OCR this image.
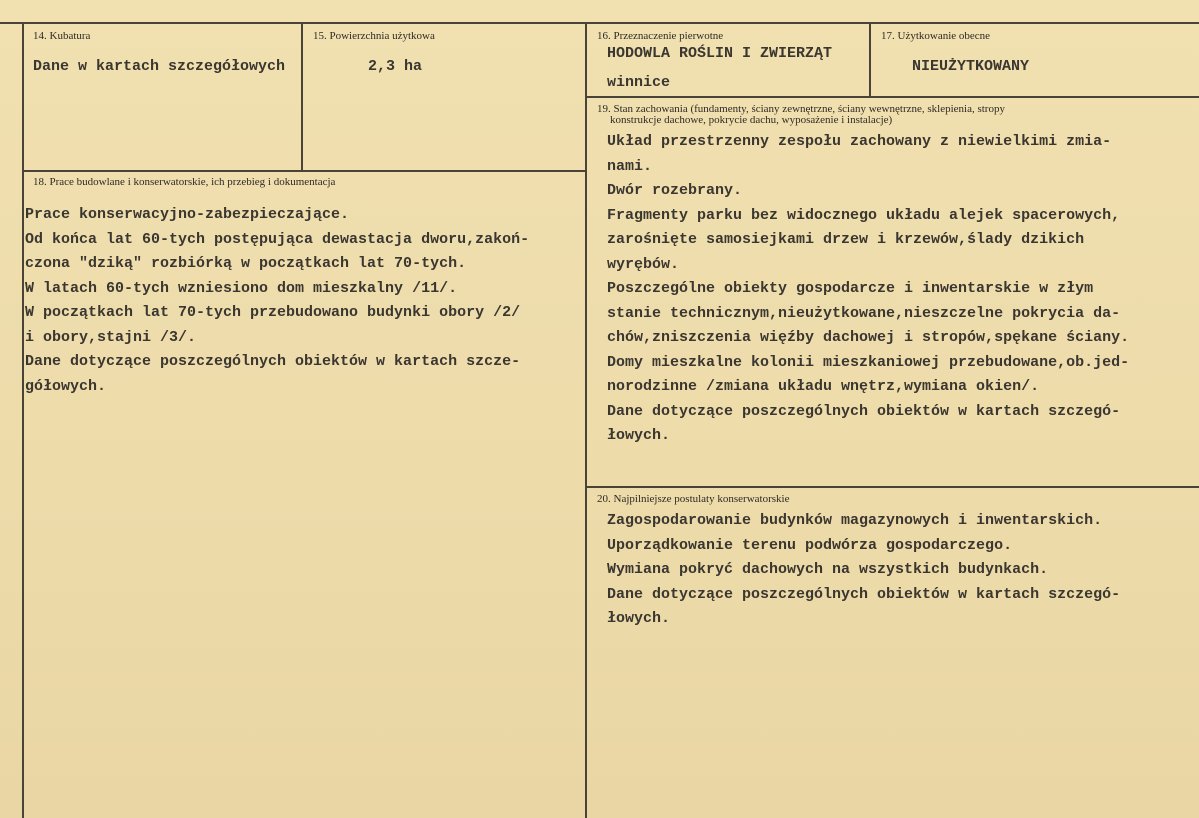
14. Kubatura
Dane w kartach szczegółowych
15. Powierzchnia użytkowa
2,3 ha
16. Przeznaczenie pierwotne
HODOWLA ROŚLIN I ZWIERZĄT
winnice
17. Użytkowanie obecne
NIEUŻYTKOWANY
18. Prace budowlane i konserwatorskie, ich przebieg i dokumentacja
Prace konserwacyjno-zabezpieczające.
Od końca lat 60-tych postępująca dewastacja dworu,zakoń-
czona "dziką" rozbiórką w początkach lat 70-tych.
W latach 60-tych wzniesiono dom mieszkalny /11/.
W początkach lat 70-tych przebudowano budynki obory /2/
i obory,stajni /3/.
Dane dotyczące poszczególnych obiektów w kartach szcze-
gółowych.
19. Stan zachowania (fundamenty, ściany zewnętrzne, ściany wewnętrzne, sklepienia, stropy
konstrukcje dachowe, pokrycie dachu, wyposażenie i instalacje)
Układ przestrzenny zespołu zachowany z niewielkimi zmia-
nami.
Dwór rozebrany.
Fragmenty parku bez widocznego układu alejek spacerowych,
zarośnięte samosiejkami drzew i krzewów,ślady dzikich
wyrębów.
Poszczególne obiekty gospodarcze i inwentarskie w złym
stanie technicznym,nieużytkowane,nieszczelne pokrycia da-
chów,zniszczenia więźby dachowej i stropów,spękane ściany.
Domy mieszkalne kolonii mieszkaniowej przebudowane,ob.jed-
norodzinne /zmiana układu wnętrz,wymiana okien/.
Dane dotyczące poszczególnych obiektów w kartach szczegó-
łowych.
20. Najpilniejsze postulaty konserwatorskie
Zagospodarowanie budynków magazynowych i inwentarskich.
Uporządkowanie terenu podwórza gospodarczego.
Wymiana pokryć dachowych na wszystkich budynkach.
Dane dotyczące poszczególnych obiektów w kartach szczegó-
łowych.
